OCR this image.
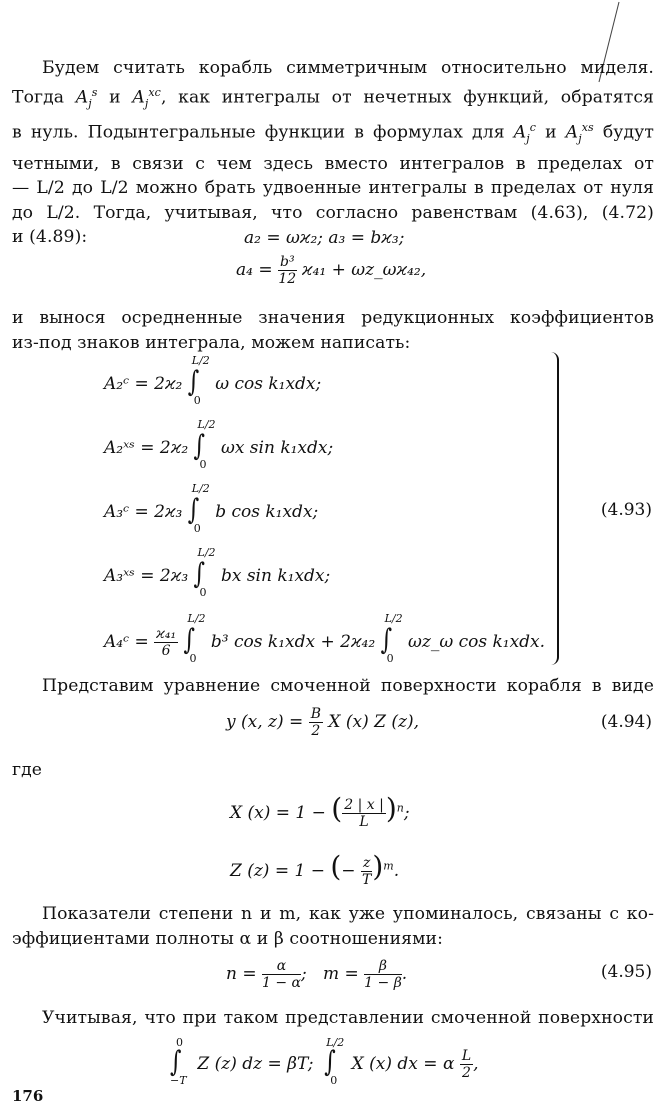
Будем считать корабль симметричным относительно миделя.
Тогда $A_j^s$ и $A_j^{xc}$, как интегралы от нечетных функций, обратятся
в нуль. Подынтегральные функции в формулах для $A_j^c$ и $A_j^{xs}$ будут
четными, в связи с чем здесь вместо интегралов в пределах от
— L/2 до L/2 можно брать удвоенные интегралы в пределах от нуля
до L/2. Тогда, учитывая, что согласно равенствам (4.63), (4.72)
и (4.89):	a₂ = ωϰ₂; a₃ = bϰ₃;
$a_4 = \frac{\text{b³}}{12} ϰ_{41}$ + ωz_ωϰ₄₂,
и вынося осредненные значения редукционных коэффициентов
из-под знаков интеграла, можем написать:
A₂ᶜ = 2ϰ₂
L/2
∫
0
ω cos k₁xdx;
A₂ˣˢ = 2ϰ₂
L/2
∫
0
ωx sin k₁xdx;
A₃ᶜ = 2ϰ₃
L/2
∫
0
b cos k₁xdx;
A₃ˣˢ = 2ϰ₃
L/2
∫
0
bx sin k₁xdx;
A₄ᶜ = $\frac{\text{ϰ₄₁}}{6}$

L/2
∫
0
b³ cos k₁xdx + 2ϰ₄₂
L/2
∫
0
ωz_ω cos k₁xdx.
(4.93)
Представим уравнение смоченной поверхности корабля в виде
y (x, $z) = \frac{B}{2}$ X (x) Z (z),	(4.94)
где
X (x) = 1 − ( $\frac{2 | x |}{L} )^n$;
Z (z) = 1 − (− $\frac{z}{T} )^m$.
Показатели степени n и m, как уже упоминалось, связаны с ко-
эффициентами полноты α и β соотношениями:
$n = \frac{\alpha}{1 - \alpha}$ ; $m = \frac{\beta}{1 - \beta}$ .	(4.95)
Учитывая, что при таком представлении смоченной поверхности
0
∫
−T
Z (z) dz = βT;
L/2
∫
0
X (x) dx = α $\frac{L}{2}$ ,
176
